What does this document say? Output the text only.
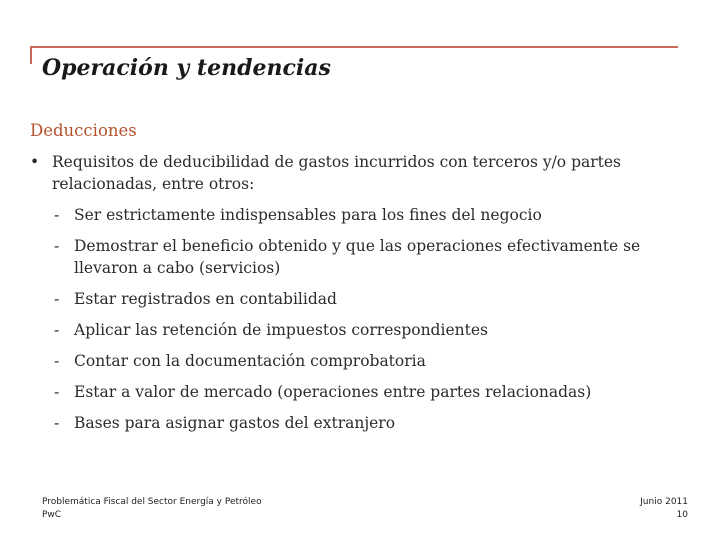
Operación y tendencias
Deducciones
• Requisitos de deducibilidad de gastos incurridos con terceros y/o partes relacionadas, entre otros:
- Ser estrictamente indispensables para los fines del negocio
- Demostrar el beneficio obtenido y que las operaciones efectivamente se llevaron a cabo (servicios)
- Estar registrados en contabilidad
- Aplicar las retención de impuestos correspondientes
- Contar con la documentación comprobatoria
- Estar a valor de mercado (operaciones entre partes relacionadas)
- Bases para asignar gastos del extranjero
Problemática Fiscal del Sector Energía y Petróleo
PwC
Junio 2011
10
